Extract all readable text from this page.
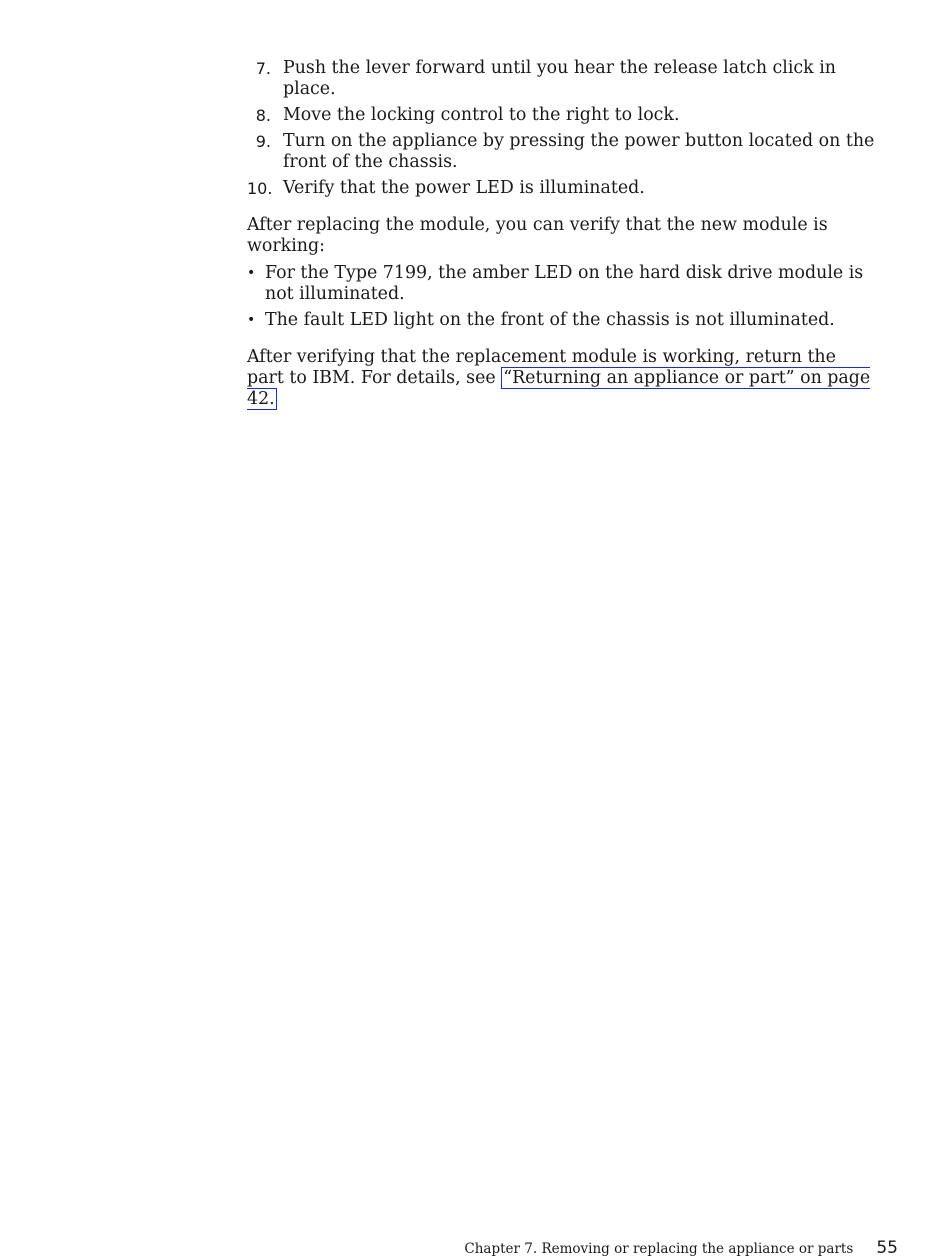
7. Push the lever forward until you hear the release latch click in place.
8. Move the locking control to the right to lock.
9. Turn on the appliance by pressing the power button located on the front of the chassis.
10. Verify that the power LED is illuminated.

After replacing the module, you can verify that the new module is working:

• For the Type 7199, the amber LED on the hard disk drive module is not illuminated.
• The fault LED light on the front of the chassis is not illuminated.

After verifying that the replacement module is working, return the part to IBM. For details, see “Returning an appliance or part” on page 42.

Chapter 7. Removing or replacing the appliance or parts 55
